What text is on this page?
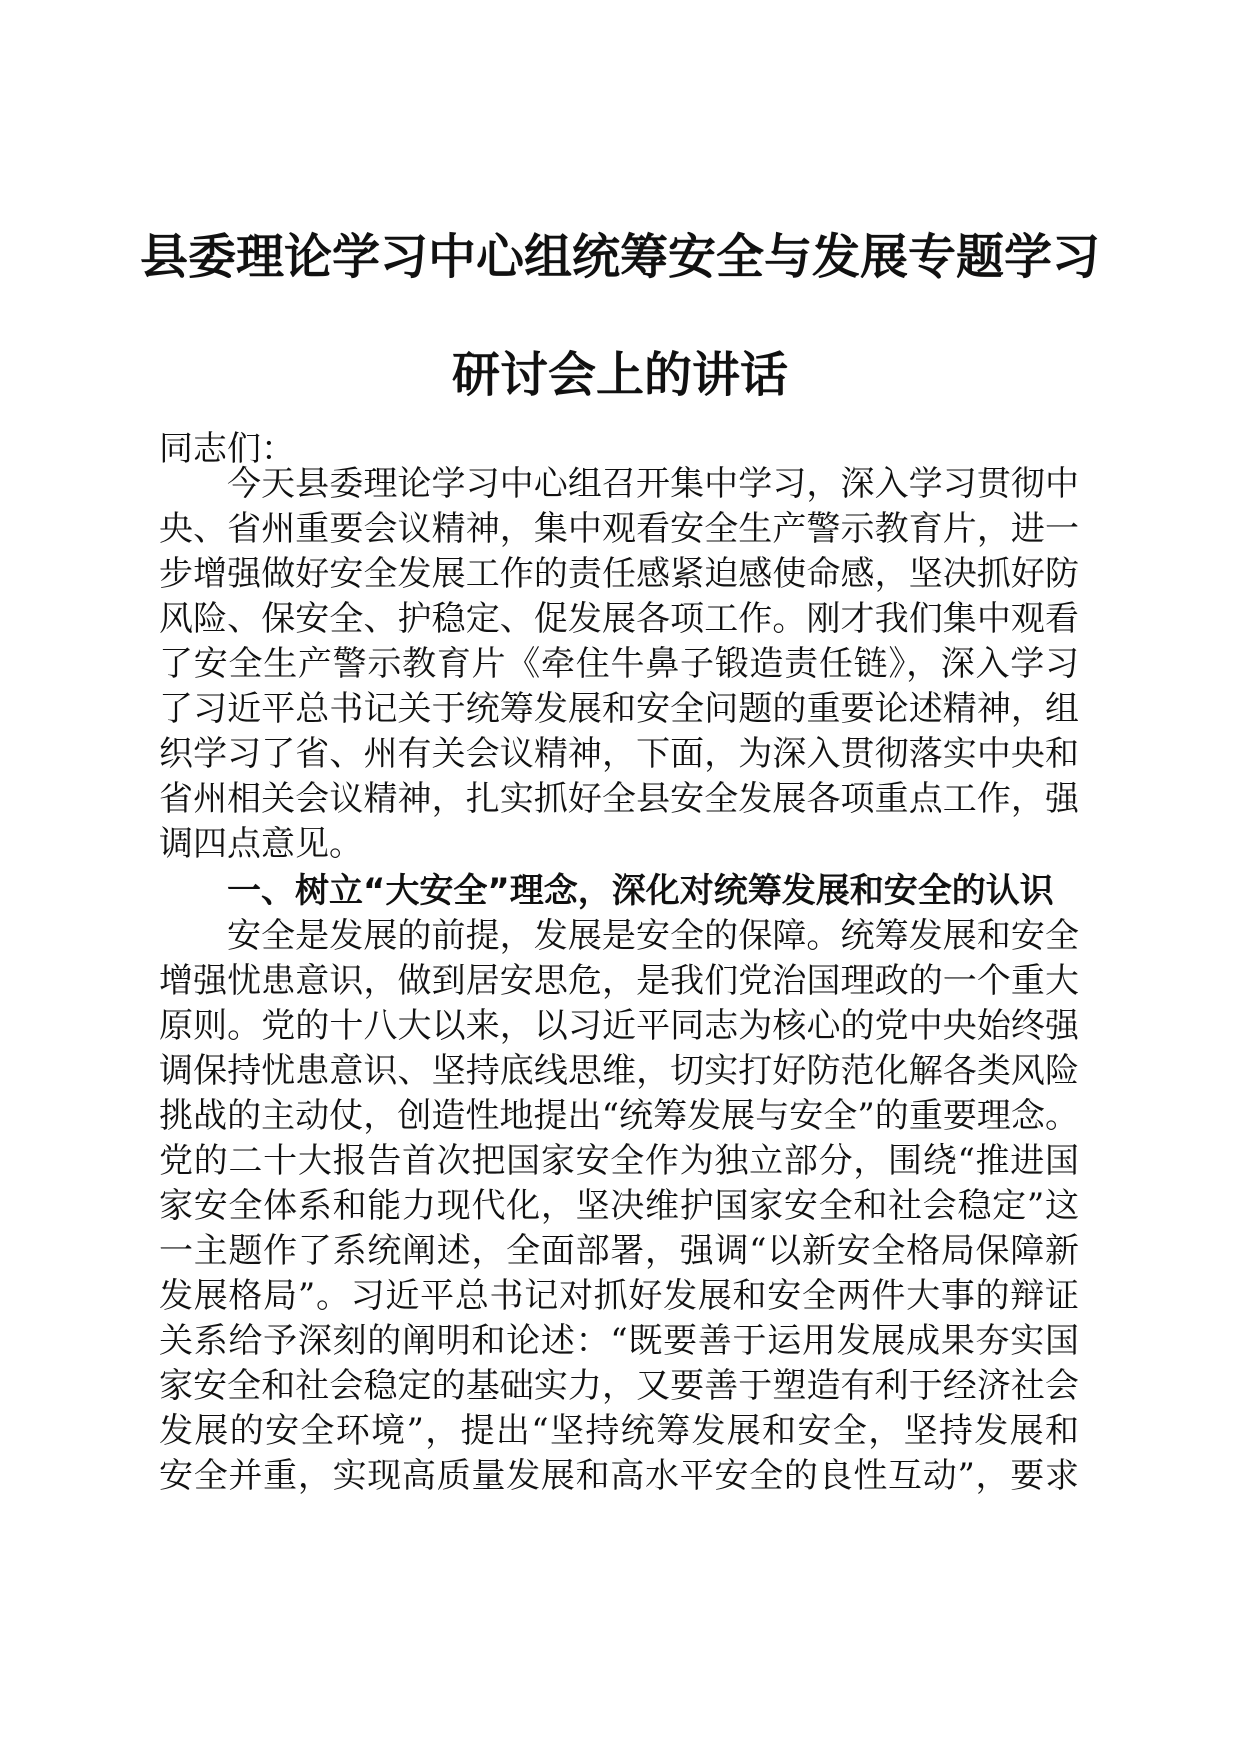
县委理论学习中心组统筹安全与发展专题学习
研讨会上的讲话

同志们：

今天县委理论学习中心组召开集中学习，深入学习贯彻中

央、省州重要会议精神，集中观看安全生产警示教育片，进一

步增强做好安全发展工作的责任感紧迫感使命感，坚决抓好防

风险、保安全、护稳定、促发展各项工作。刚才我们集中观看

了安全生产警示教育片《牵住牛鼻子锻造责任链》，深入学习

了习近平总书记关于统筹发展和安全问题的重要论述精神，组

织学习了省、州有关会议精神，下面，为深入贯彻落实中央和

省州相关会议精神，扎实抓好全县安全发展各项重点工作，强

调四点意见。

一、树立“大安全”理念，深化对统筹发展和安全的认识

安全是发展的前提，发展是安全的保障。统筹发展和安全

增强忧患意识，做到居安思危，是我们党治国理政的一个重大

原则。党的十八大以来，以习近平同志为核心的党中央始终强

调保持忧患意识、坚持底线思维，切实打好防范化解各类风险

挑战的主动仗，创造性地提出“统筹发展与安全”的重要理念。

党的二十大报告首次把国家安全作为独立部分，围绕“推进国

家安全体系和能力现代化，坚决维护国家安全和社会稳定”这

一主题作了系统阐述，全面部署，强调“以新安全格局保障新

发展格局”。习近平总书记对抓好发展和安全两件大事的辩证

关系给予深刻的阐明和论述：“既要善于运用发展成果夯实国

家安全和社会稳定的基础实力，又要善于塑造有利于经济社会

发展的安全环境”，提出“坚持统筹发展和安全，坚持发展和

安全并重，实现高质量发展和高水平安全的良性互动”，要求
